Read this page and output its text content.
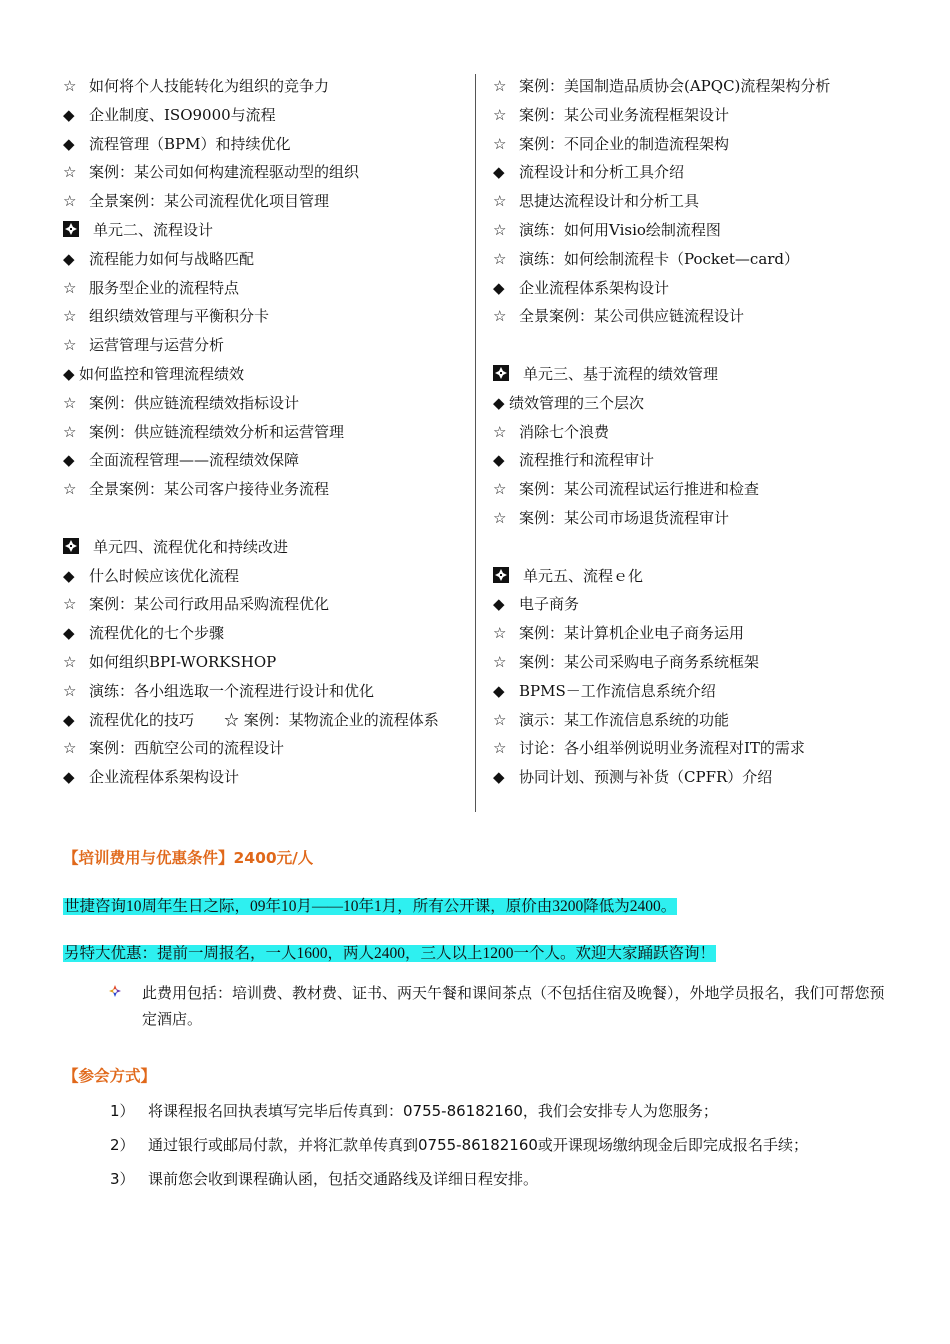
☆ 如何将个人技能转化为组织的竞争力
◆ 企业制度、ISO9000与流程
◆ 流程管理（BPM）和持续优化
☆ 案例：某公司如何构建流程驱动型的组织
☆ 全景案例：某公司流程优化项目管理
单元二、流程设计
◆ 流程能力如何与战略匹配
☆ 服务型企业的流程特点
☆ 组织绩效管理与平衡积分卡
☆ 运营管理与运营分析
◆ 如何监控和管理流程绩效
☆ 案例：供应链流程绩效指标设计
☆ 案例：供应链流程绩效分析和运营管理
◆ 全面流程管理——流程绩效保障
☆ 全景案例：某公司客户接待业务流程
单元四、流程优化和持续改进
◆ 什么时候应该优化流程
☆ 案例：某公司行政用品采购流程优化
◆ 流程优化的七个步骤
☆ 如何组织BPI-WORKSHOP
☆ 演练：各小组选取一个流程进行设计和优化
◆ 流程优化的技巧　　☆ 案例：某物流企业的流程体系
☆ 案例：西航空公司的流程设计
◆ 企业流程体系架构设计
☆ 案例：美国制造品质协会(APQC)流程架构分析
☆ 案例：某公司业务流程框架设计
☆ 案例：不同企业的制造流程架构
◆ 流程设计和分析工具介绍
☆ 思捷达流程设计和分析工具
☆ 演练：如何用Visio绘制流程图
☆ 演练：如何绘制流程卡（Pocket—card）
◆ 企业流程体系架构设计
☆ 全景案例：某公司供应链流程设计
单元三、基于流程的绩效管理
◆ 绩效管理的三个层次
☆ 消除七个浪费
◆ 流程推行和流程审计
☆ 案例：某公司流程试运行推进和检查
☆ 案例：某公司市场退货流程审计
单元五、流程ｅ化
◆ 电子商务
☆ 案例：某计算机企业电子商务运用
☆ 案例：某公司采购电子商务系统框架
◆ BPMS－工作流信息系统介绍
☆ 演示：某工作流信息系统的功能
☆ 讨论：各小组举例说明业务流程对IT的需求
◆ 协同计划、预测与补货（CPFR）介绍
【培训费用与优惠条件】2400元/人
世捷咨询10周年生日之际，09年10月——10年1月，所有公开课，原价由3200降低为2400。
另特大优惠：提前一周报名，一人1600，两人2400，三人以上1200一个人。欢迎大家踊跃咨询！
此费用包括：培训费、教材费、证书、两天午餐和课间茶点（不包括住宿及晚餐），外地学员报名，我们可帮您预定酒店。
【参会方式】
1） 将课程报名回执表填写完毕后传真到：0755-86182160，我们会安排专人为您服务；
2） 通过银行或邮局付款，并将汇款单传真到0755-86182160或开课现场缴纳现金后即完成报名手续；
3） 课前您会收到课程确认函，包括交通路线及详细日程安排。
